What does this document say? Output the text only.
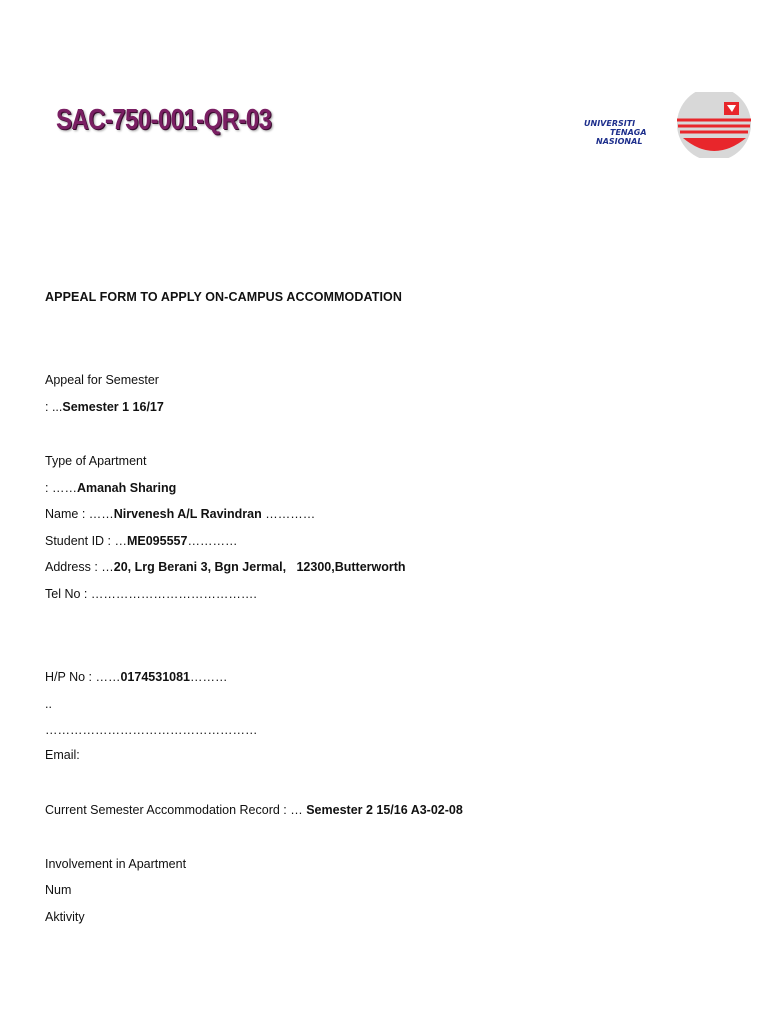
SAC-750-001-QR-03	UNIVERSITI
TENAGA
NASIONAL
APPEAL FORM TO APPLY ON-CAMPUS ACCOMMODATION
Appeal for Semester
: ...Semester 1 16/17
Type of Apartment
: ……Amanah Sharing
Name : ……Nirvenesh A/L Ravindran …………
Student ID : …ME095557…………
Address : …20, Lrg Berani 3, Bgn Jermal,   12300,Butterworth
Tel No : ………………………………….
H/P No : ……0174531081………
..
……………………………………………
Email:
Current Semester Accommodation Record : … Semester 2 15/16 A3-02-08
Involvement in Apartment
Num
Aktivity
